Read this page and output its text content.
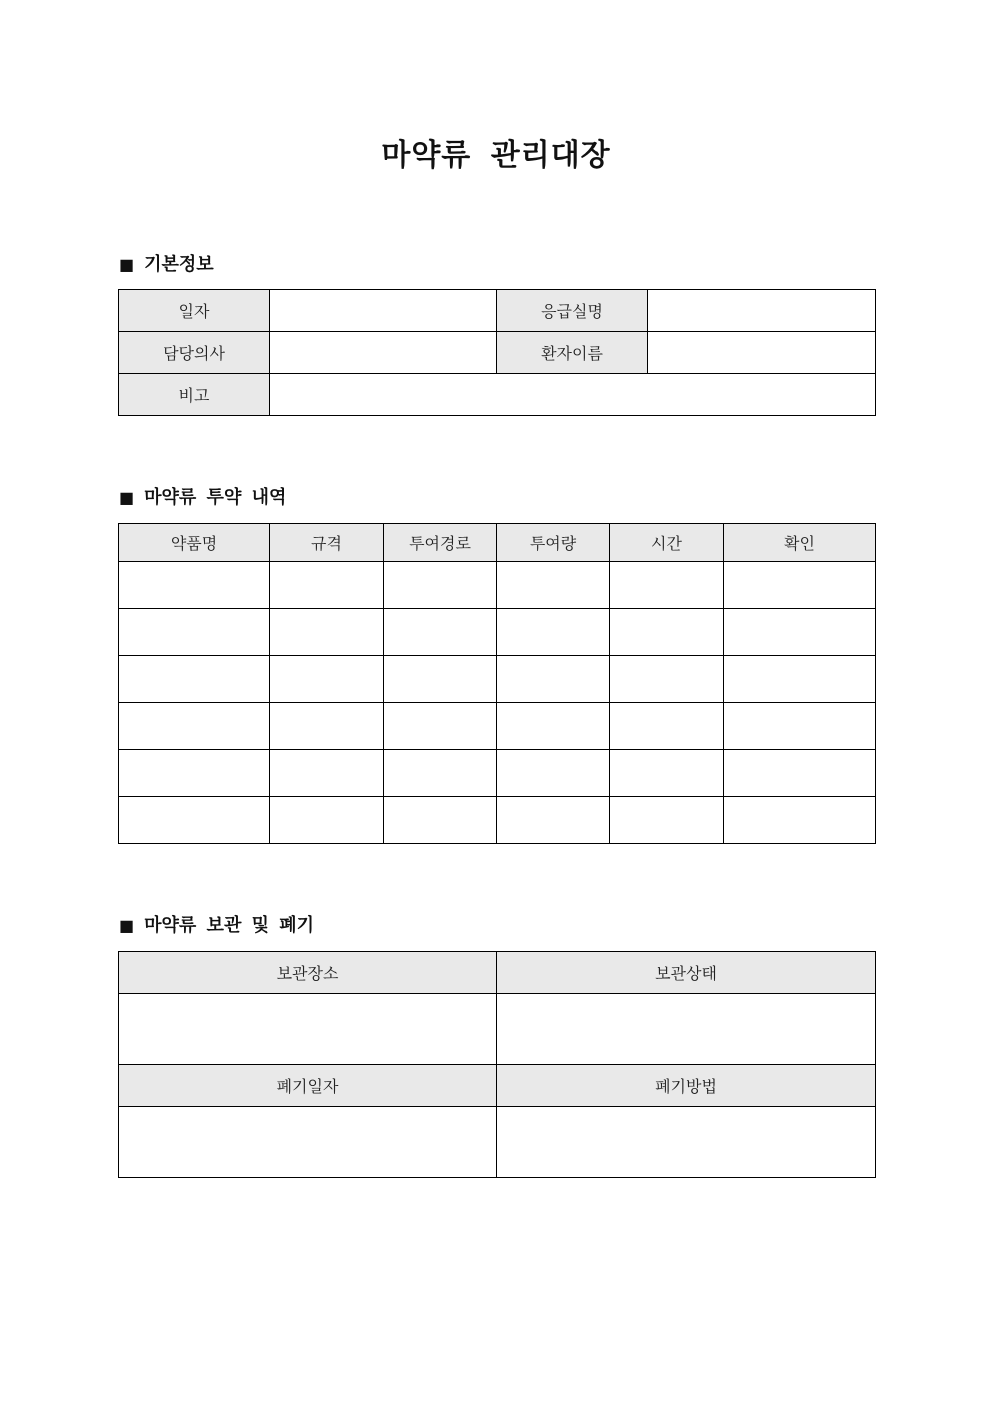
마약류 관리대장
■ 기본정보
일자		응급실명	
담당의사		환자이름	
비고			
■ 마약류 투약 내역
약품명	규격	투여경로	투여량	시간	확인

■ 마약류 보관 및 폐기
보관장소	보관상태

폐기일자	폐기방법
